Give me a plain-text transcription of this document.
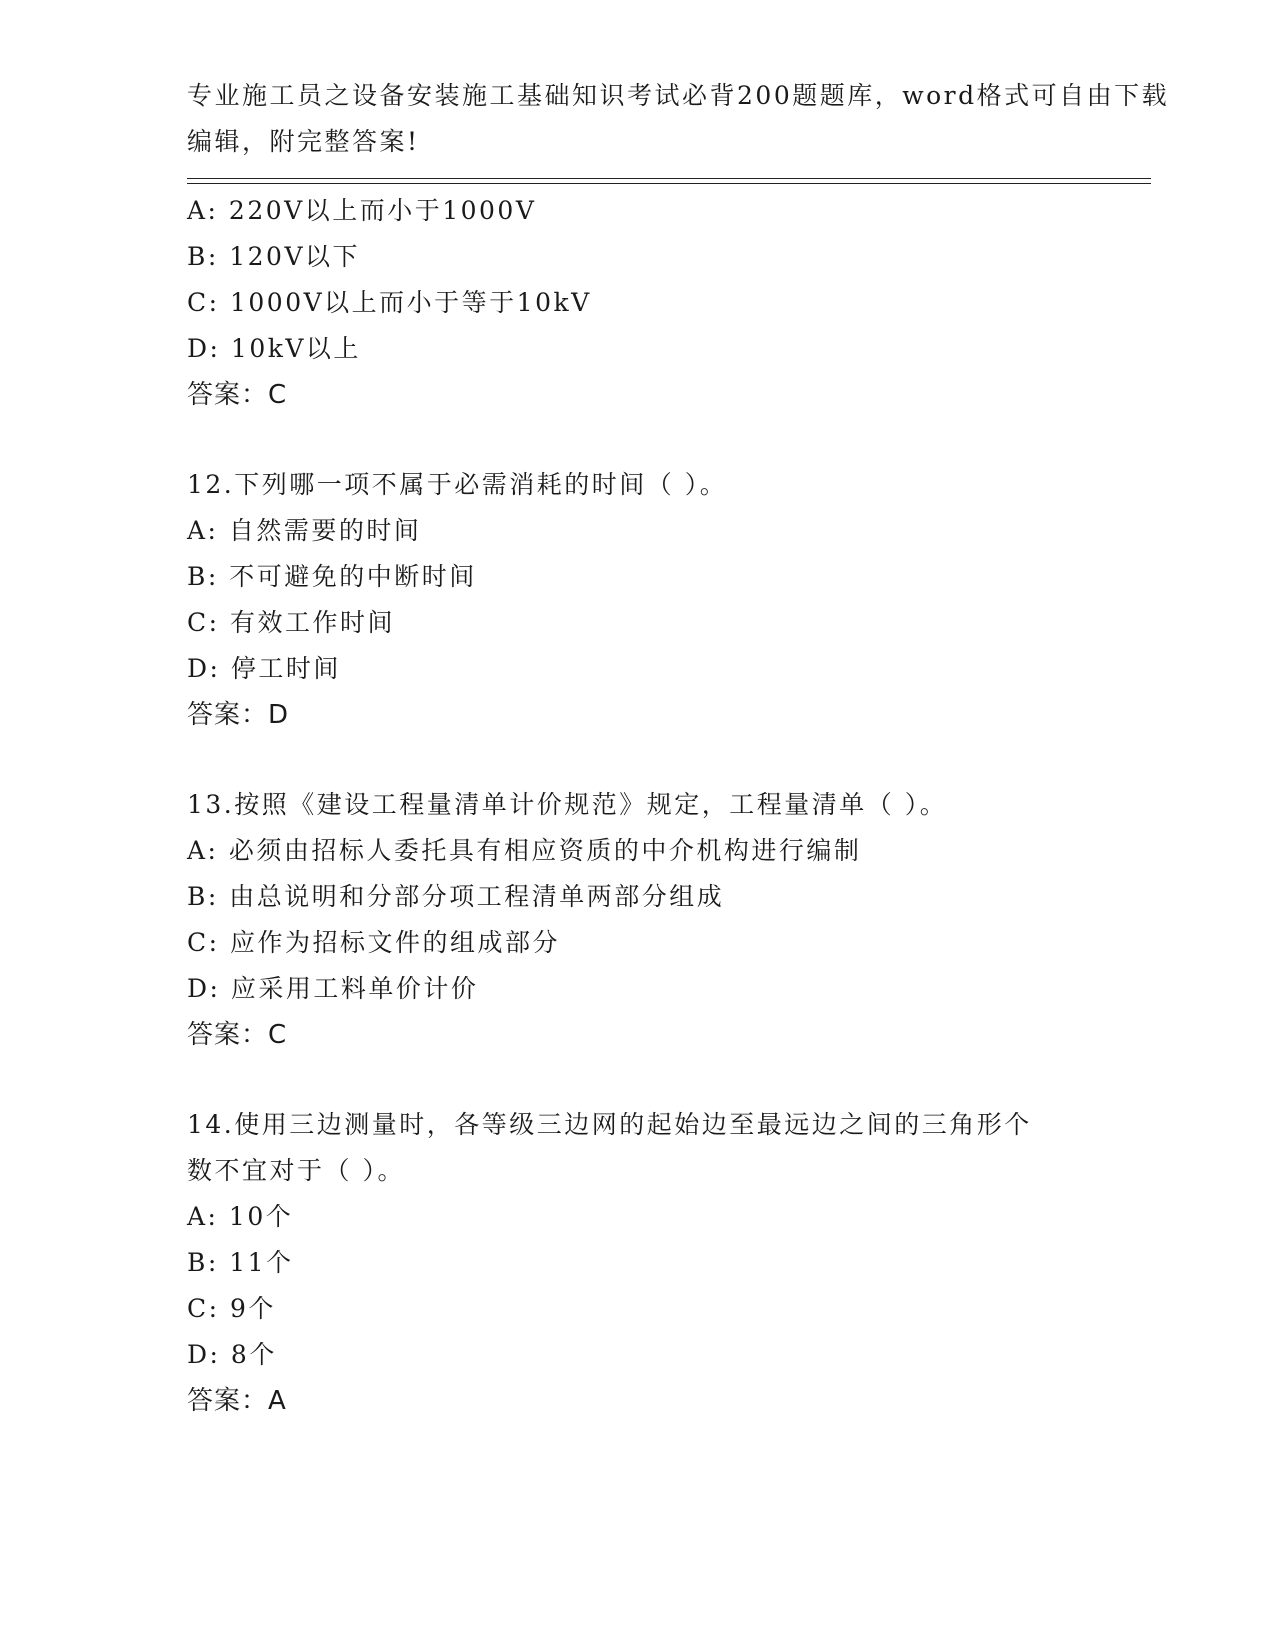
专业施工员之设备安装施工基础知识考试必背200题题库，word格式可自由下载
编辑，附完整答案!
A: 220V以上而小于1000V
B: 120V以下
C: 1000V以上而小于等于10kV
D: 10kV以上
答案：C
12.下列哪一项不属于必需消耗的时间（ ）。
A: 自然需要的时间
B: 不可避免的中断时间
C: 有效工作时间
D: 停工时间
答案：D
13.按照《建设工程量清单计价规范》规定，工程量清单（ ）。
A: 必须由招标人委托具有相应资质的中介机构进行编制
B: 由总说明和分部分项工程清单两部分组成
C: 应作为招标文件的组成部分
D: 应采用工料单价计价
答案：C
14.使用三边测量时，各等级三边网的起始边至最远边之间的三角形个
数不宜对于（ ）。
A: 10个
B: 11个
C: 9个
D: 8个
答案：A
